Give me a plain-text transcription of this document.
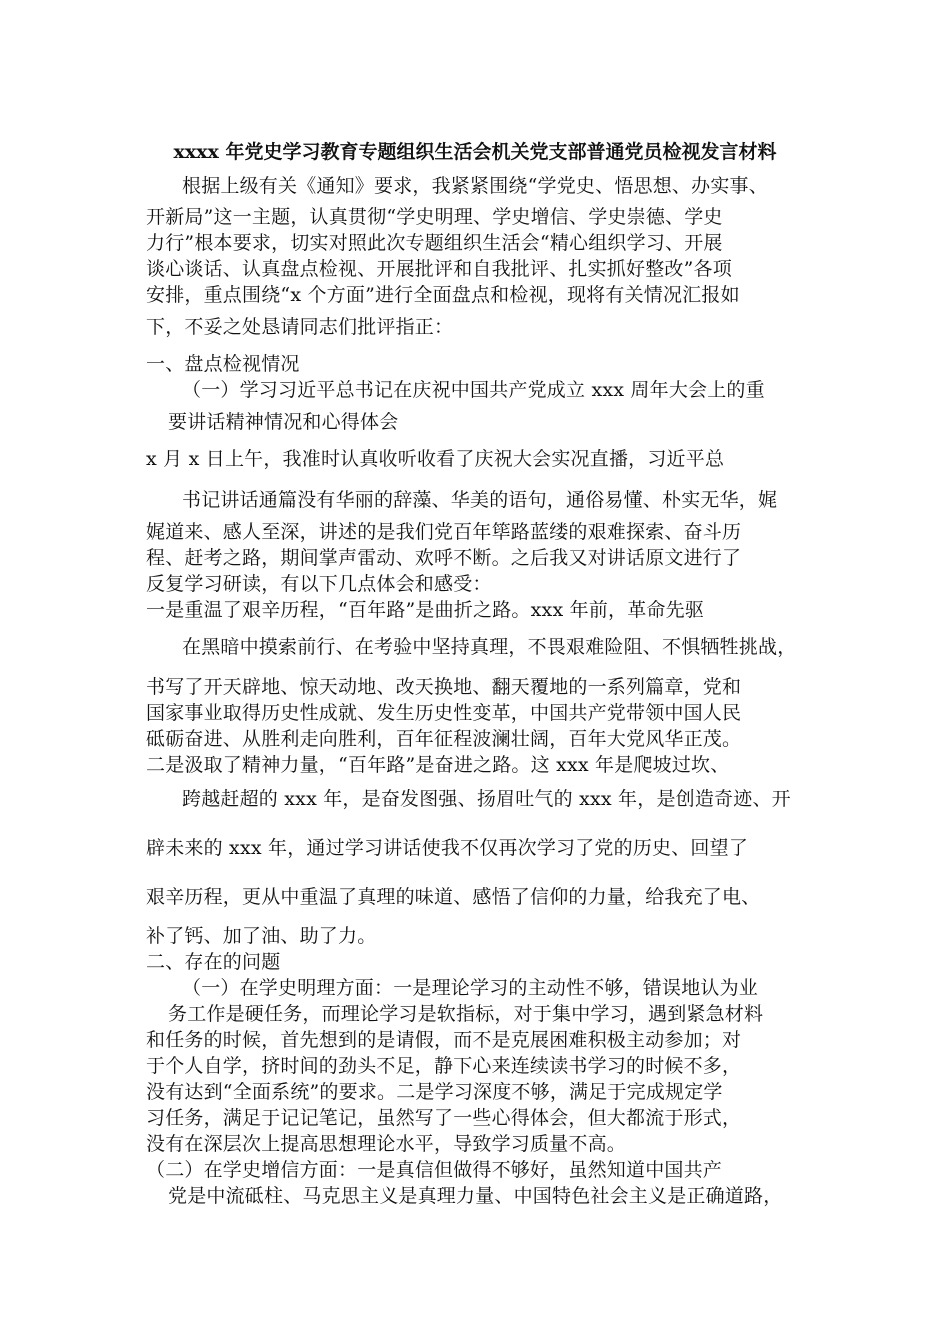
xxxx 年党史学习教育专题组织生活会机关党支部普通党员检视发言材料
根据上级有关《通知》要求，我紧紧围绕“学党史、悟思想、办实事、
开新局”这一主题，认真贯彻“学史明理、学史增信、学史崇德、学史
力行”根本要求，切实对照此次专题组织生活会“精心组织学习、开展
谈心谈话、认真盘点检视、开展批评和自我批评、扎实抓好整改”各项
安排，重点围绕“x 个方面”进行全面盘点和检视，现将有关情况汇报如
下，不妥之处恳请同志们批评指正：
一、盘点检视情况
（一）学习习近平总书记在庆祝中国共产党成立 xxx 周年大会上的重
要讲话精神情况和心得体会
x 月 x 日上午，我准时认真收听收看了庆祝大会实况直播，习近平总
书记讲话通篇没有华丽的辞藻、华美的语句，通俗易懂、朴实无华，娓
娓道来、感人至深，讲述的是我们党百年筚路蓝缕的艰难探索、奋斗历
程、赶考之路，期间掌声雷动、欢呼不断。之后我又对讲话原文进行了
反复学习研读，有以下几点体会和感受：
一是重温了艰辛历程，“百年路”是曲折之路。xxx 年前，革命先驱
在黑暗中摸索前行、在考验中坚持真理，不畏艰难险阻、不惧牺牲挑战，
书写了开天辟地、惊天动地、改天换地、翻天覆地的一系列篇章，党和
国家事业取得历史性成就、发生历史性变革，中国共产党带领中国人民
砥砺奋进、从胜利走向胜利，百年征程波澜壮阔，百年大党风华正茂。
二是汲取了精神力量，“百年路”是奋进之路。这 xxx 年是爬坡过坎、
跨越赶超的 xxx 年，是奋发图强、扬眉吐气的 xxx 年，是创造奇迹、开
辟未来的 xxx 年，通过学习讲话使我不仅再次学习了党的历史、回望了
艰辛历程，更从中重温了真理的味道、感悟了信仰的力量，给我充了电、
补了钙、加了油、助了力。
二、存在的问题
（一）在学史明理方面：一是理论学习的主动性不够，错误地认为业
务工作是硬任务，而理论学习是软指标，对于集中学习，遇到紧急材料
和任务的时候，首先想到的是请假，而不是克展困难积极主动参加；对
于个人自学，挤时间的劲头不足，静下心来连续读书学习的时候不多，
没有达到“全面系统”的要求。二是学习深度不够，满足于完成规定学
习任务，满足于记记笔记，虽然写了一些心得体会，但大都流于形式，
没有在深层次上提高思想理论水平，导致学习质量不高。
（二）在学史增信方面：一是真信但做得不够好，虽然知道中国共产
党是中流砥柱、马克思主义是真理力量、中国特色社会主义是正确道路，
